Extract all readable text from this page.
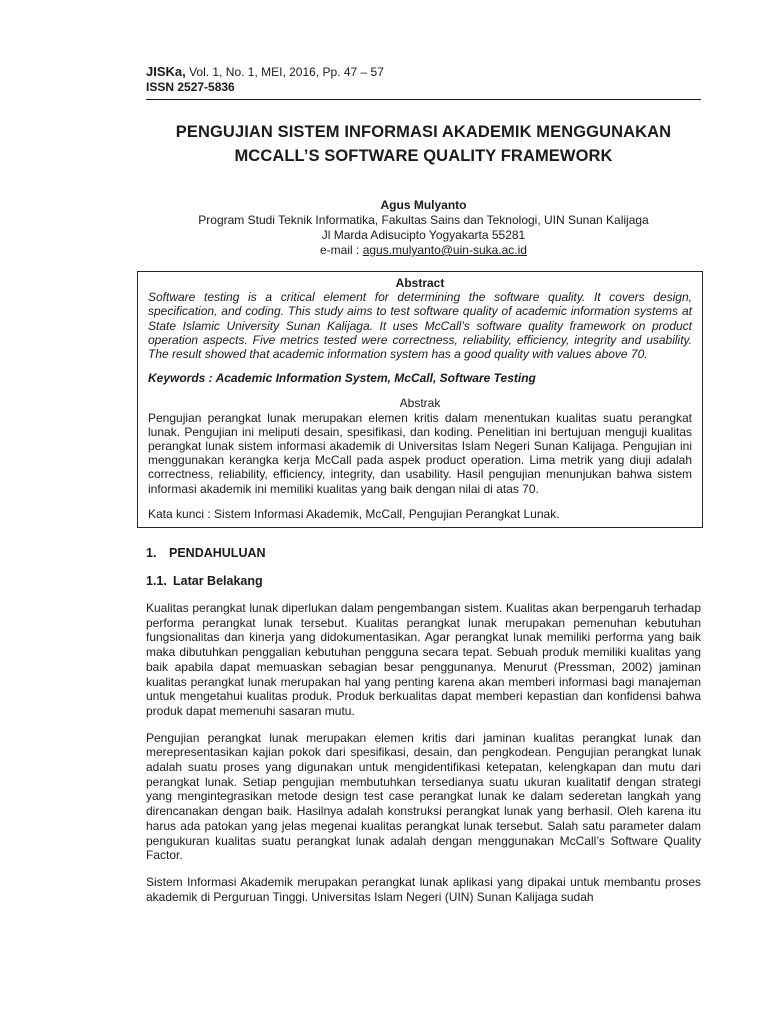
JISKa, Vol. 1, No. 1, MEI, 2016, Pp. 47 – 57
ISSN 2527-5836
PENGUJIAN SISTEM INFORMASI AKADEMIK MENGGUNAKAN
MCCALL’S SOFTWARE QUALITY FRAMEWORK
Agus Mulyanto
Program Studi Teknik Informatika, Fakultas Sains dan Teknologi, UIN Sunan Kalijaga
Jl Marda Adisucipto Yogyakarta 55281
e-mail : agus.mulyanto@uin-suka.ac.id
Abstract
Software testing is a critical element for determining the software quality. It covers design, specification, and coding. This study aims to test software quality of academic information systems at State Islamic University Sunan Kalijaga. It uses McCall’s software quality framework on product operation aspects. Five metrics tested were correctness, reliability, efficiency, integrity and usability. The result showed that academic information system has a good quality with values above 70.
Keywords : Academic Information System, McCall, Software Testing
Abstrak
Pengujian perangkat lunak merupakan elemen kritis dalam menentukan kualitas suatu perangkat lunak. Pengujian ini meliputi desain, spesifikasi, dan koding. Penelitian ini bertujuan menguji kualitas perangkat lunak sistem informasi akademik di Universitas Islam Negeri Sunan Kalijaga. Pengujian ini menggunakan kerangka kerja McCall pada aspek product operation. Lima metrik yang diuji adalah correctness, reliability, efficiency, integrity, dan usability. Hasil pengujian menunjukan bahwa sistem informasi akademik ini memiliki kualitas yang baik dengan nilai di atas 70.
Kata kunci : Sistem Informasi Akademik, McCall, Pengujian Perangkat Lunak.
1. PENDAHULUAN
1.1. Latar Belakang

Kualitas perangkat lunak diperlukan dalam pengembangan sistem. Kualitas akan berpengaruh terhadap performa perangkat lunak tersebut. Kualitas perangkat lunak merupakan pemenuhan kebutuhan fungsionalitas dan kinerja yang didokumentasikan. Agar perangkat lunak memiliki performa yang baik maka dibutuhkan penggalian kebutuhan pengguna secara tepat. Sebuah produk memiliki kualitas yang baik apabila dapat memuaskan sebagian besar penggunanya. Menurut (Pressman, 2002) jaminan kualitas perangkat lunak merupakan hal yang penting karena akan memberi informasi bagi manajeman untuk mengetahui kualitas produk. Produk berkualitas dapat memberi kepastian dan konfidensi bahwa produk dapat memenuhi sasaran mutu.

Pengujian perangkat lunak merupakan elemen kritis dari jaminan kualitas perangkat lunak dan merepresentasikan kajian pokok dari spesifikasi, desain, dan pengkodean. Pengujian perangkat lunak adalah suatu proses yang digunakan untuk mengidentifikasi ketepatan, kelengkapan dan mutu dari perangkat lunak. Setiap pengujian membutuhkan tersedianya suatu ukuran kualitatif dengan strategi yang mengintegrasikan metode design test case perangkat lunak ke dalam sederetan langkah yang direncanakan dengan baik. Hasilnya adalah konstruksi perangkat lunak yang berhasil. Oleh karena itu harus ada patokan yang jelas megenai kualitas perangkat lunak tersebut. Salah satu parameter dalam pengukuran kualitas suatu perangkat lunak adalah dengan menggunakan McCall’s Software Quality Factor.

Sistem Informasi Akademik merupakan perangkat lunak aplikasi yang dipakai untuk membantu proses akademik di Perguruan Tinggi. Universitas Islam Negeri (UIN) Sunan Kalijaga sudah
